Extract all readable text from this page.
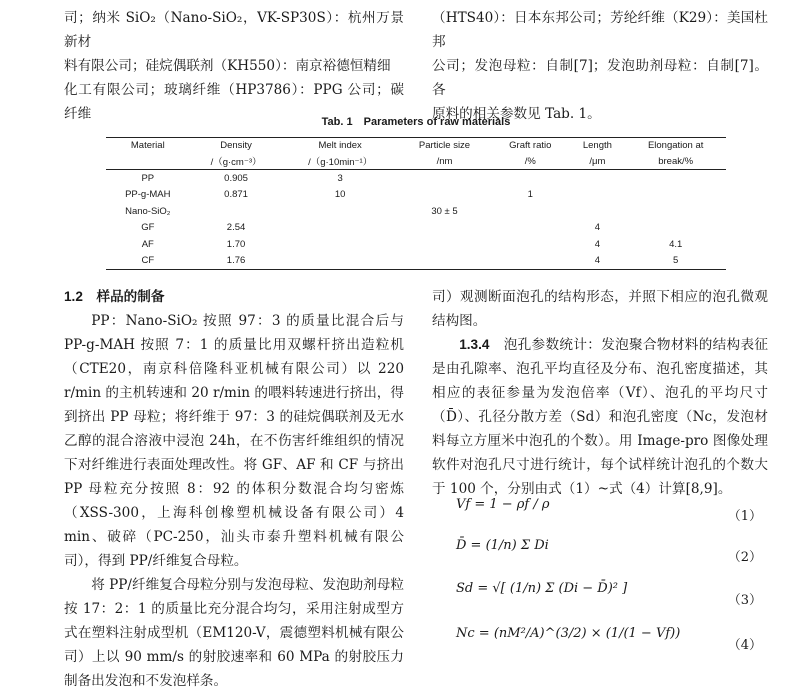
司；纳米 SiO₂（Nano-SiO₂，VK-SP30S）：杭州万景新材

料有限公司；硅烷偶联剂（KH550）：南京裕德恒精细

化工有限公司；玻璃纤维（HP3786）：PPG 公司；碳纤维

（HTS40）：日本东邦公司；芳纶纤维（K29）：美国杜邦

公司；发泡母粒：自制[7]；发泡助剂母粒：自制[7]。各

原料的相关参数见 Tab. 1。

Tab. 1　Parameters of raw materials
Material	Density	Melt index	Particle size	Graft ratio	Length	Elongation at
	/（g·cm⁻³）	/（g·10min⁻¹）	/nm	/%	/μm	break/%
PP	0.905	3				
PP-g-MAH	0.871	10		1		
Nano-SiO₂			30 ± 5			
GF	2.54				4	
AF	1.70				4	4.1
CF	1.76				4	5

1.2　样品的制备

PP：Nano-SiO₂ 按照 97：3 的质量比混合后与 PP-g-MAH 按照 7：1 的质量比用双螺杆挤出造粒机（CTE20，南京科倍隆科亚机械有限公司）以 220 r/min 的主机转速和 20 r/min 的喂料转速进行挤出，得到挤出 PP 母粒；将纤维于 97：3 的硅烷偶联剂及无水乙醇的混合溶液中浸泡 24h，在不伤害纤维组织的情况下对纤维进行表面处理改性。将 GF、AF 和 CF 与挤出 PP 母粒充分按照 8：92 的体积分数混合均匀密炼（XSS-300，上海科创橡塑机械设备有限公司）4 min、破碎（PC-250，汕头市泰升塑料机械有限公司），得到 PP/纤维复合母粒。

将 PP/纤维复合母粒分别与发泡母粒、发泡助剂母粒按 17：2：1 的质量比充分混合均匀，采用注射成型方式在塑料注射成型机（EM120-V，震德塑料机械有限公司）上以 90 mm/s 的射胶速率和 60 MPa 的射胶压力制备出发泡和不发泡样条。

司）观测断面泡孔的结构形态，并照下相应的泡孔微观结构图。

1.3.4　泡孔参数统计：发泡聚合物材料的结构表征是由孔隙率、泡孔平均直径及分布、泡孔密度描述，其相应的表征参量为发泡倍率（Vf）、泡孔的平均尺寸（D̄）、孔径分散方差（Sd）和泡孔密度（Nc，发泡材料每立方厘米中泡孔的个数）。用 Image-pro 图像处理软件对泡孔尺寸进行统计，每个试样统计泡孔的个数大于 100 个，分别由式（1）~式（4）计算[8,9]。

Vf = 1 − ρf / ρ
（1）
D̄ = (1/n) Σ Di
（2）
Sd = √[ (1/n) Σ (Di − D̄)² ]
（3）
Nc = (nM²/A)^(3/2) × (1/(1 − Vf))
（4）
